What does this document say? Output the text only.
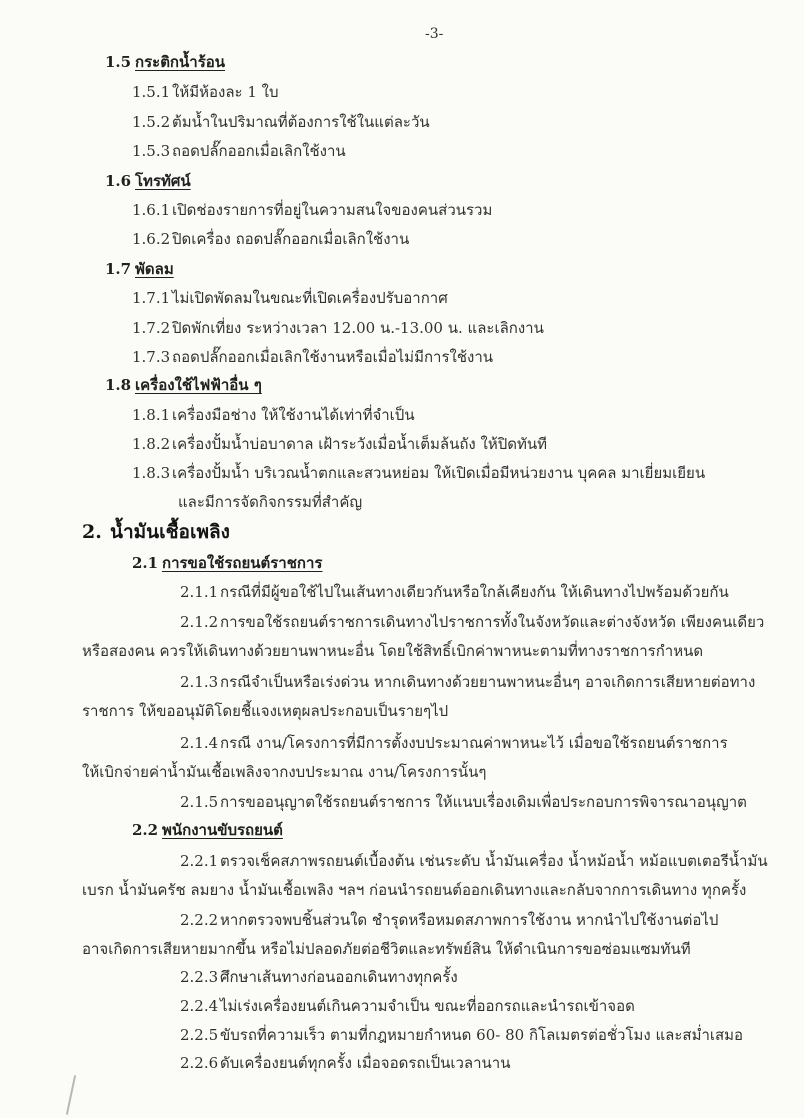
-3-
1.5 กระติกน้ำร้อน
1.5.1 ให้มีห้องละ 1 ใบ
1.5.2 ต้มน้ำในปริมาณที่ต้องการใช้ในแต่ละวัน
1.5.3 ถอดปลั๊กออกเมื่อเลิกใช้งาน
1.6 โทรทัศน์
1.6.1 เปิดช่องรายการที่อยู่ในความสนใจของคนส่วนรวม
1.6.2 ปิดเครื่อง ถอดปลั๊กออกเมื่อเลิกใช้งาน
1.7 พัดลม
1.7.1 ไม่เปิดพัดลมในขณะที่เปิดเครื่องปรับอากาศ
1.7.2 ปิดพักเที่ยง ระหว่างเวลา 12.00 น.-13.00 น. และเลิกงาน
1.7.3 ถอดปลั๊กออกเมื่อเลิกใช้งานหรือเมื่อไม่มีการใช้งาน
1.8 เครื่องใช้ไฟฟ้าอื่น ๆ
1.8.1 เครื่องมือช่าง ให้ใช้งานได้เท่าที่จำเป็น
1.8.2 เครื่องปั้มน้ำบ่อบาดาล เฝ้าระวังเมื่อน้ำเต็มล้นถัง ให้ปิดทันที
1.8.3 เครื่องปั้มน้ำ บริเวณน้ำตกและสวนหย่อม ให้เปิดเมื่อมีหน่วยงาน บุคคล มาเยี่ยมเยียน
และมีการจัดกิจกรรมที่สำคัญ
2. น้ำมันเชื้อเพลิง
2.1 การขอใช้รถยนต์ราชการ
2.1.1 กรณีที่มีผู้ขอใช้ไปในเส้นทางเดียวกันหรือใกล้เคียงกัน ให้เดินทางไปพร้อมด้วยกัน
2.1.2 การขอใช้รถยนต์ราชการเดินทางไปราชการทั้งในจังหวัดและต่างจังหวัด เพียงคนเดียว
หรือสองคน ควรให้เดินทางด้วยยานพาหนะอื่น โดยใช้สิทธิ์เบิกค่าพาหนะตามที่ทางราชการกำหนด
2.1.3 กรณีจำเป็นหรือเร่งด่วน หากเดินทางด้วยยานพาหนะอื่นๆ อาจเกิดการเสียหายต่อทาง
ราชการ ให้ขออนุมัติโดยชี้แจงเหตุผลประกอบเป็นรายๆไป
2.1.4 กรณี งาน/โครงการที่มีการตั้งงบประมาณค่าพาหนะไว้ เมื่อขอใช้รถยนต์ราชการ
ให้เบิกจ่ายค่าน้ำมันเชื้อเพลิงจากงบประมาณ งาน/โครงการนั้นๆ
2.1.5 การขออนุญาตใช้รถยนต์ราชการ ให้แนบเรื่องเดิมเพื่อประกอบการพิจารณาอนุญาต
2.2 พนักงานขับรถยนต์
2.2.1 ตรวจเช็คสภาพรถยนต์เบื้องต้น เช่นระดับ น้ำมันเครื่อง น้ำหม้อน้ำ หม้อแบตเตอรีน้ำมัน
เบรก น้ำมันครัช ลมยาง น้ำมันเชื้อเพลิง ฯลฯ ก่อนนำรถยนต์ออกเดินทางและกลับจากการเดินทาง ทุกครั้ง
2.2.2 หากตรวจพบชิ้นส่วนใด ชำรุดหรือหมดสภาพการใช้งาน หากนำไปใช้งานต่อไป
อาจเกิดการเสียหายมากขึ้น หรือไม่ปลอดภัยต่อชีวิตและทรัพย์สิน ให้ดำเนินการขอซ่อมแซมทันที
2.2.3 ศึกษาเส้นทางก่อนออกเดินทางทุกครั้ง
2.2.4 ไม่เร่งเครื่องยนต์เกินความจำเป็น ขณะที่ออกรถและนำรถเข้าจอด
2.2.5 ขับรถที่ความเร็ว ตามที่กฎหมายกำหนด 60- 80 กิโลเมตรต่อชั่วโมง และสม่ำเสมอ
2.2.6 ดับเครื่องยนต์ทุกครั้ง เมื่อจอดรถเป็นเวลานาน
